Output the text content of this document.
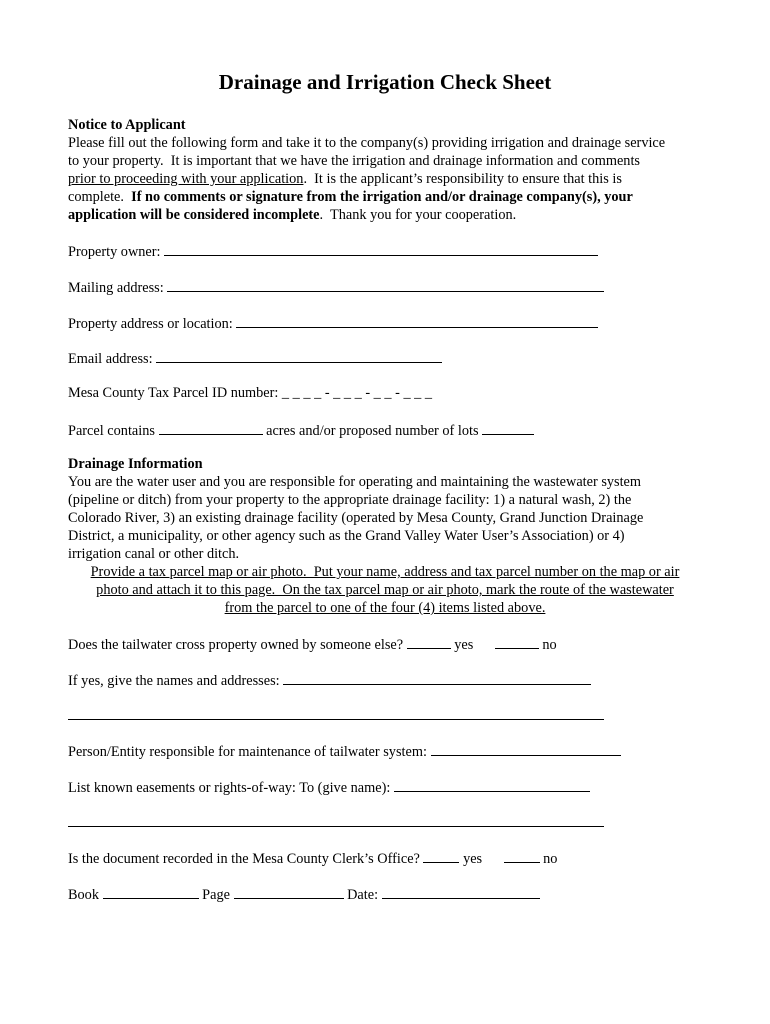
Drainage and Irrigation Check Sheet
Notice to Applicant
Please fill out the following form and take it to the company(s) providing irrigation and drainage service
to your property.  It is important that we have the irrigation and drainage information and comments
prior to proceeding with your application.  It is the applicant’s responsibility to ensure that this is
complete.  If no comments or signature from the irrigation and/or drainage company(s), your
application will be considered incomplete.  Thank you for your cooperation.
Property owner:
Mailing address:
Property address or location:
Email address:
Mesa County Tax Parcel ID number: _ _ _ _ - _ _ _ - _ _ - _ _ _
Parcel contains	acres and/or proposed number of lots
Drainage Information
You are the water user and you are responsible for operating and maintaining the wastewater system
(pipeline or ditch) from your property to the appropriate drainage facility: 1) a natural wash, 2) the
Colorado River, 3) an existing drainage facility (operated by Mesa County, Grand Junction Drainage
District, a municipality, or other agency such as the Grand Valley Water User’s Association) or 4)
irrigation canal or other ditch.
Provide a tax parcel map or air photo.  Put your name, address and tax parcel number on the map or air
photo and attach it to this page.  On the tax parcel map or air photo, mark the route of the wastewater
from the parcel to one of the four (4) items listed above.
Does the tailwater cross property owned by someone else?	yes	no
If yes, give the names and addresses:
Person/Entity responsible for maintenance of tailwater system:
List known easements or rights-of-way: To (give name):
Is the document recorded in the Mesa County Clerk’s Office?	yes	no
Book	Page	Date:
